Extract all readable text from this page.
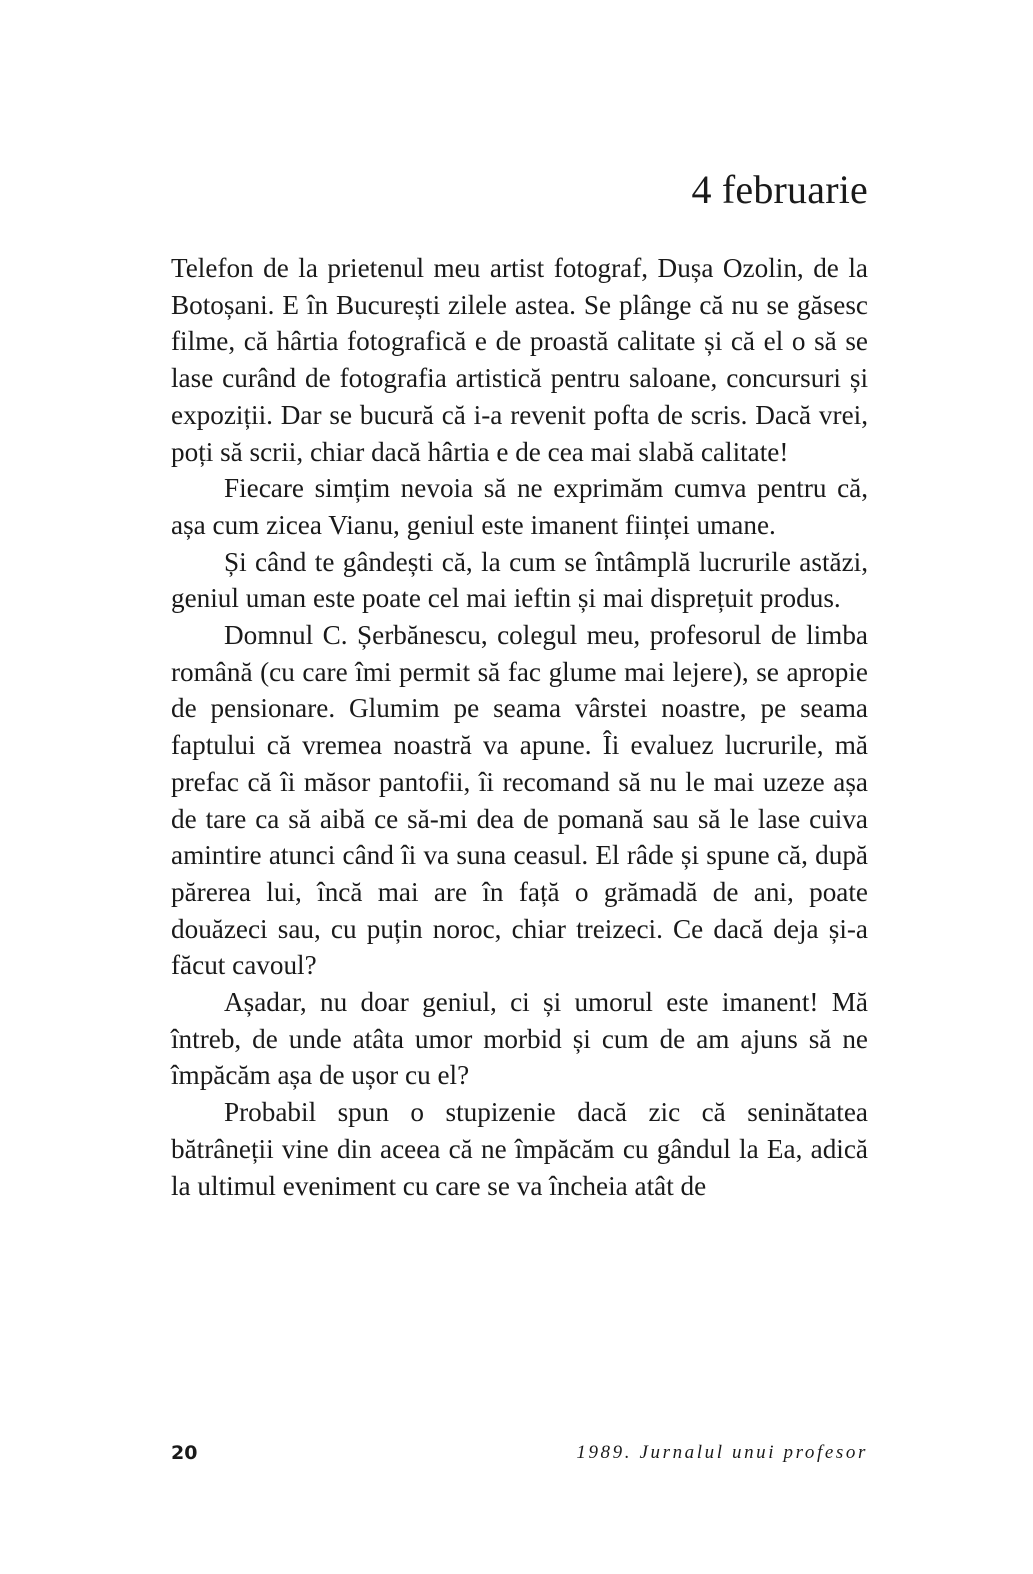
4 februarie

Telefon de la prietenul meu artist fotograf, Dușa Ozolin, de la Botoșani. E în București zilele astea. Se plânge că nu se găsesc filme, că hârtia fotografică e de proastă calitate și că el o să se lase curând de fotografia artistică pentru saloane, concursuri și expoziții. Dar se bucură că i-a revenit pofta de scris. Dacă vrei, poți să scrii, chiar dacă hârtia e de cea mai slabă calitate!

Fiecare simțim nevoia să ne exprimăm cumva pentru că, așa cum zicea Vianu, geniul este imanent ființei umane.

Și când te gândești că, la cum se întâmplă lucrurile astăzi, geniul uman este poate cel mai ieftin și mai disprețuit produs.

Domnul C. Șerbănescu, colegul meu, profesorul de limba română (cu care îmi permit să fac glume mai lejere), se apropie de pensionare. Glumim pe seama vârstei noastre, pe seama faptului că vremea noastră va apune. Îi evaluez lucrurile, mă prefac că îi măsor pantofii, îi recomand să nu le mai uzeze așa de tare ca să aibă ce să-mi dea de pomană sau să le lase cuiva amintire atunci când îi va suna ceasul. El râde și spune că, după părerea lui, încă mai are în față o grămadă de ani, poate douăzeci sau, cu puțin noroc, chiar treizeci. Ce dacă deja și-a făcut cavoul?

Așadar, nu doar geniul, ci și umorul este imanent! Mă întreb, de unde atâta umor morbid și cum de am ajuns să ne împăcăm așa de ușor cu el?

Probabil spun o stupizenie dacă zic că seninătatea bătrâneții vine din aceea că ne împăcăm cu gândul la Ea, adică la ultimul eveniment cu care se va încheia atât de

20	1989. Jurnalul unui profesor
